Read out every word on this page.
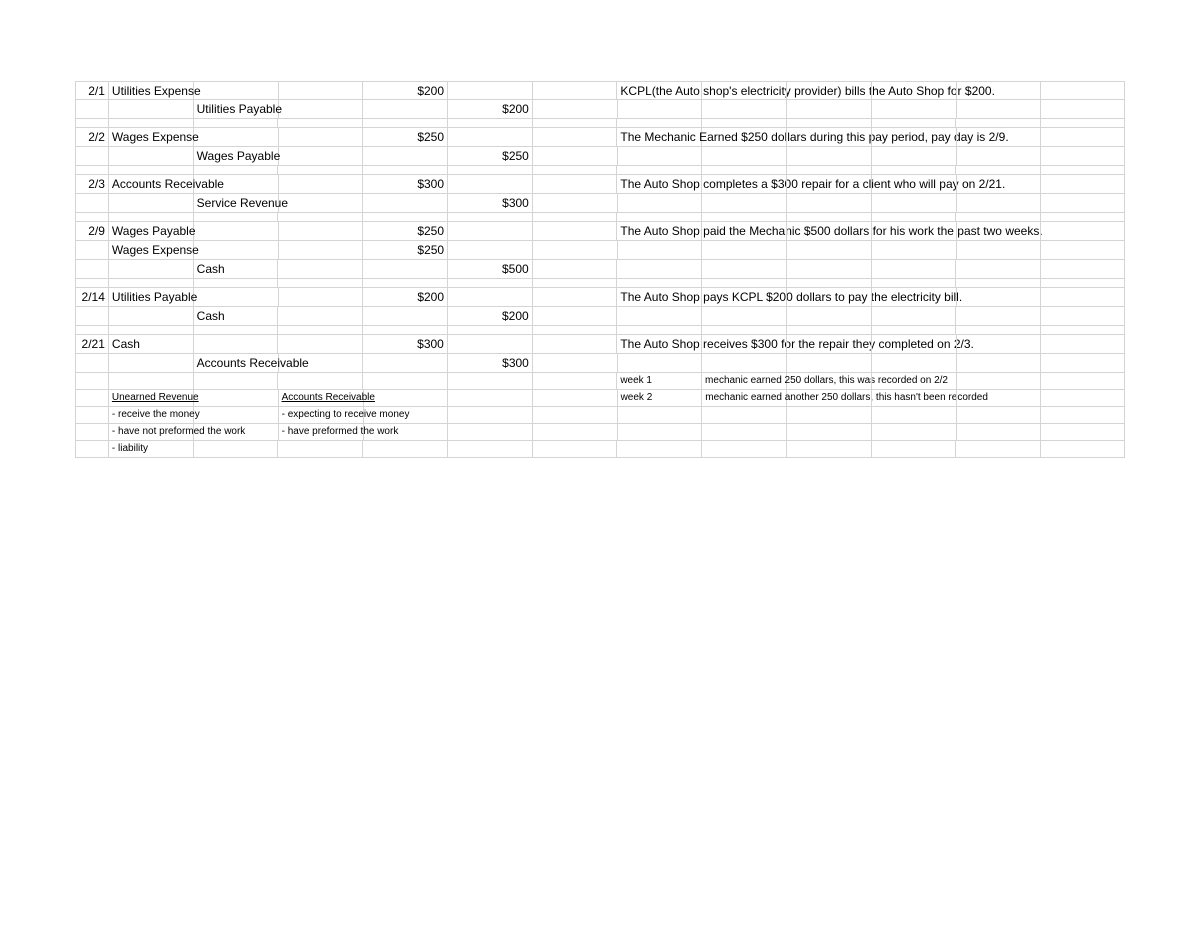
2/1 Utilities Expense	$200	KCPL(the Auto shop's electricity provider) bills the Auto Shop for $200.
Utilities Payable	$200
2/2 Wages Expense	$250	The Mechanic Earned $250 dollars during this pay period, pay day is 2/9.
Wages Payable	$250
2/3 Accounts Receivable	$300	The Auto Shop completes a $300 repair for a client who will pay on 2/21.
Service Revenue	$300
2/9 Wages Payable	$250	The Auto Shop paid the Mechanic $500 dollars for his work the past two weeks.
Wages Expense	$250
Cash	$500
2/14 Utilities Payable	$200	The Auto Shop pays KCPL $200 dollars to pay the electricity bill.
Cash	$200
2/21 Cash	$300	The Auto Shop receives $300 for the repair they completed on 2/3.
Accounts Receivable	$300
week 1	mechanic earned 250 dollars, this was recorded on 2/2
Unearned Revenue	Accounts Receivable	week 2	mechanic earned another 250 dollars, this hasn't been recorded
- receive the money	- expecting to receive money
- have not preformed the work	- have preformed the work
- liability
